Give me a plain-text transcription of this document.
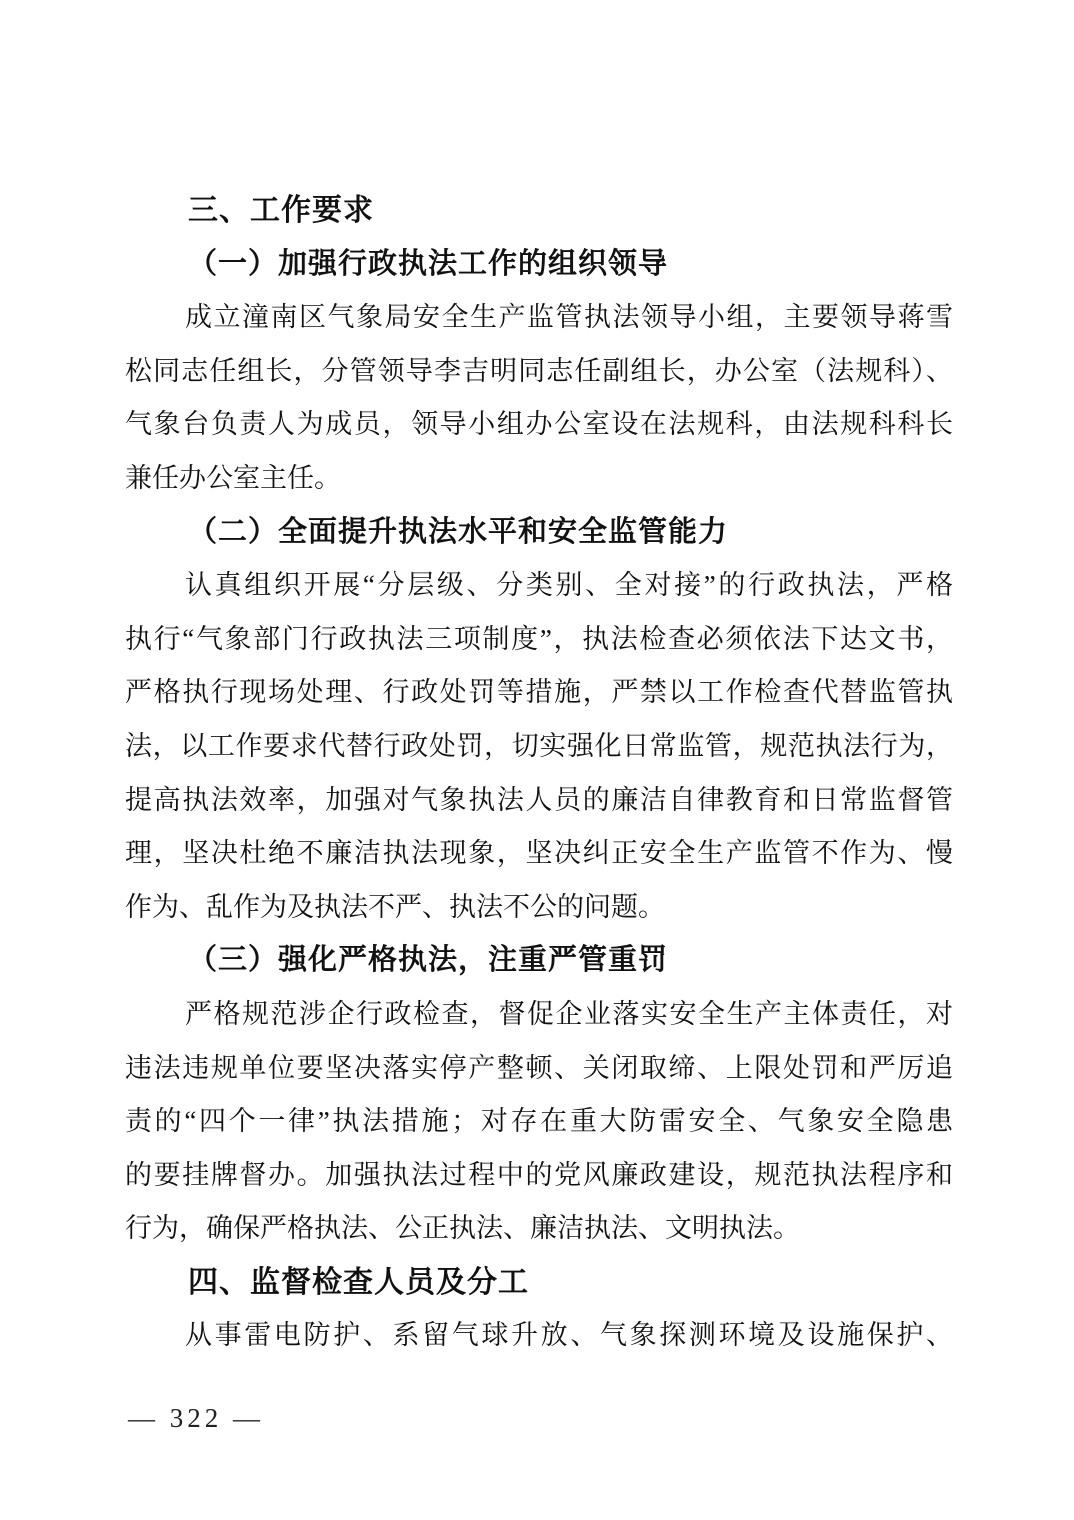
三、工作要求
（一）加强行政执法工作的组织领导
成立潼南区气象局安全生产监管执法领导小组，主要领导蒋雪
松同志任组长，分管领导李吉明同志任副组长，办公室（法规科）、
气象台负责人为成员，领导小组办公室设在法规科，由法规科科长
兼任办公室主任。
（二）全面提升执法水平和安全监管能力
认真组织开展“分层级、分类别、全对接”的行政执法，严格
执行“气象部门行政执法三项制度”，执法检查必须依法下达文书，
严格执行现场处理、行政处罚等措施，严禁以工作检查代替监管执
法，以工作要求代替行政处罚，切实强化日常监管，规范执法行为，
提高执法效率，加强对气象执法人员的廉洁自律教育和日常监督管
理，坚决杜绝不廉洁执法现象，坚决纠正安全生产监管不作为、慢
作为、乱作为及执法不严、执法不公的问题。
（三）强化严格执法，注重严管重罚
严格规范涉企行政检查，督促企业落实安全生产主体责任，对
违法违规单位要坚决落实停产整顿、关闭取缔、上限处罚和严厉追
责的“四个一律”执法措施；对存在重大防雷安全、气象安全隐患
的要挂牌督办。加强执法过程中的党风廉政建设，规范执法程序和
行为，确保严格执法、公正执法、廉洁执法、文明执法。
四、监督检查人员及分工
从事雷电防护、系留气球升放、气象探测环境及设施保护、
— 322 —
